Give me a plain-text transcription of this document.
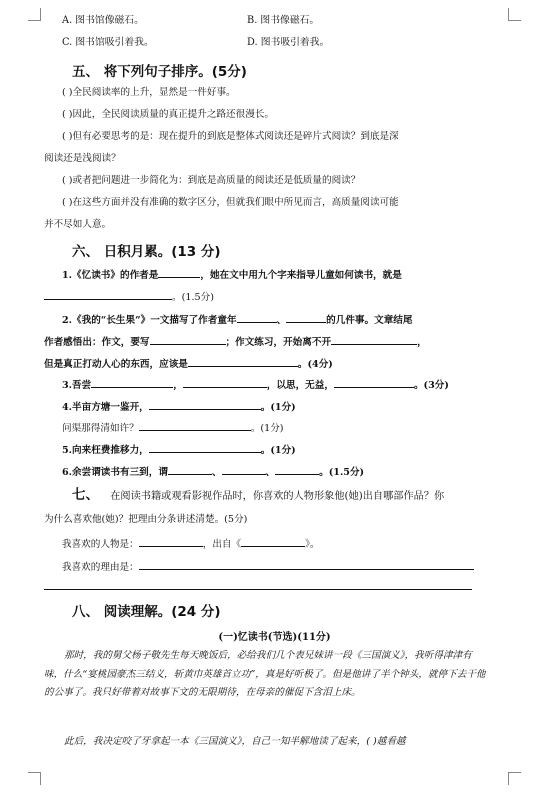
A. 图书馆像磁石。	B. 图书像磁石。
C. 图书馆吸引着我。	D. 图书吸引着我。
五、 将下列句子排序。(5分)
( )全民阅读率的上升，显然是一件好事。
( )因此，全民阅读质量的真正提升之路还很漫长。
( )但有必要思考的是：现在提升的到底是整体式阅读还是碎片式阅读？到底是深
阅读还是浅阅读？
( )或者把问题进一步简化为：到底是高质量的阅读还是低质量的阅读？
( )在这些方面并没有准确的数字区分，但就我们眼中所见而言，高质量阅读可能
并不尽如人意。
六、 日积月累。(13 分)
1.《忆读书》的作者是	，她在文中用九个字来指导儿童如何读书，就是
。(1.5分)
2.《我的“长生果”》一文描写了作者童年	、	的几件事。文章结尾
作者感悟出：作文，要写	；作文练习，开始离不开	，
但是真正打动人心的东西，应该是	。(4分)
3.吾尝	，	，以思，无益，	。(3分)
4.半亩方塘一鉴开，	。(1分)
问渠那得清如许？	。(1分)
5.向来枉费推移力，	。(1分)
6.余尝谓读书有三到，谓	、	、	。(1.5分)
七、 在阅读书籍或观看影视作品时，你喜欢的人物形象他(她)出自哪部作品？你
为什么喜欢他(她)？把理由分条讲述清楚。(5分)
我喜欢的人物是：	，出自《	》。
我喜欢的理由是：
八、 阅读理解。(24 分)
(一)忆读书(节选)(11分)
那时，我的舅父杨子敬先生每天晚饭后，必给我们几个表兄妹讲一段《三国演义》，我听得津津有味，什么“宴桃园豪杰三结义，斩黄巾英雄首立功”，真是好听极了。但是他讲了半个钟头，就停下去干他的公事了。我只好带着对故事下文的无限期待，在母亲的催促下含泪上床。
此后，我决定咬了牙拿起一本《三国演义》，自己一知半解地读了起来，( )越看越
